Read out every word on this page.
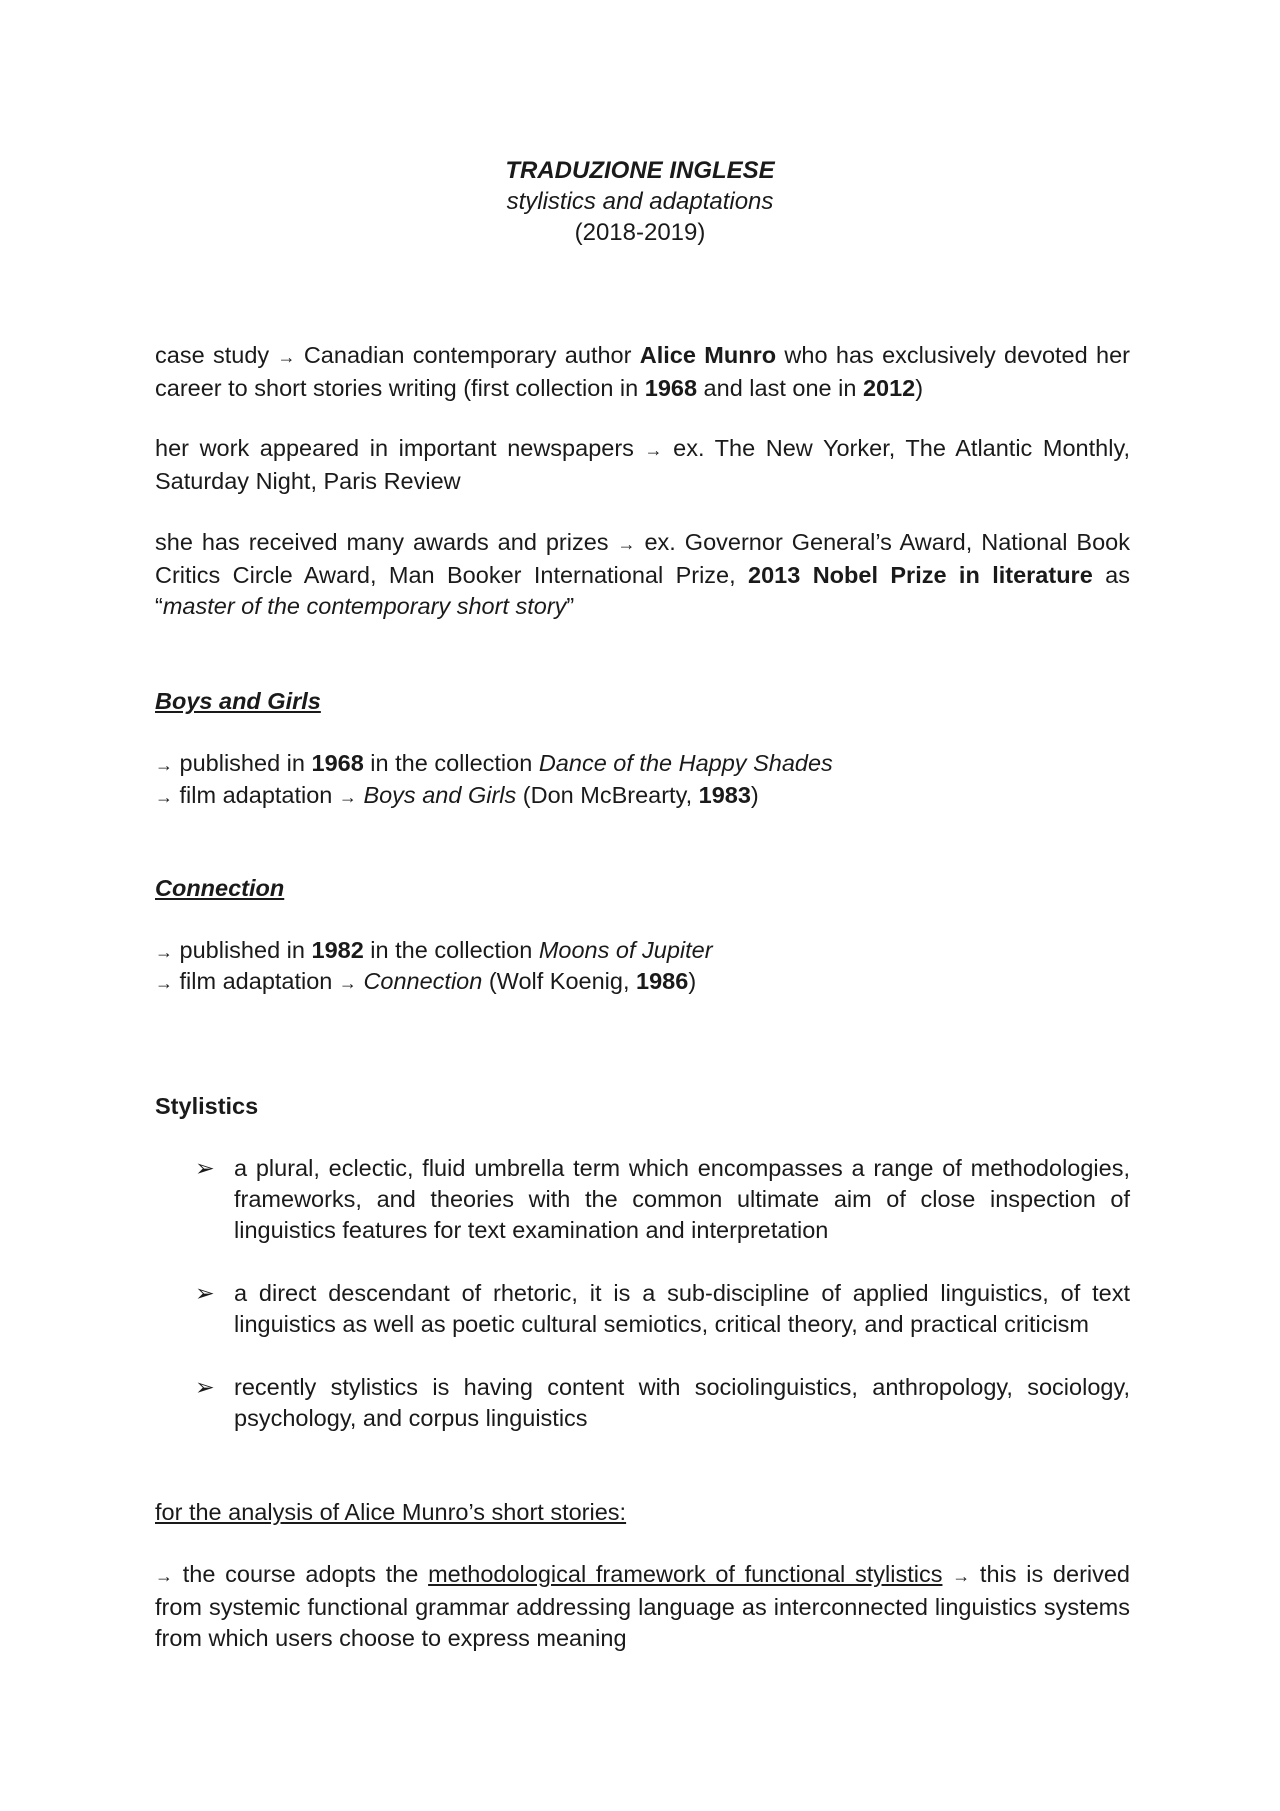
TRADUZIONE INGLESE
stylistics and adaptations
(2018-2019)

case study → Canadian contemporary author Alice Munro who has exclusively devoted her career to short stories writing (first collection in 1968 and last one in 2012)

her work appeared in important newspapers → ex. The New Yorker, The Atlantic Monthly, Saturday Night, Paris Review

she has received many awards and prizes → ex. Governor General’s Award, National Book Critics Circle Award, Man Booker International Prize, 2013 Nobel Prize in literature as “master of the contemporary short story”

Boys and Girls
→ published in 1968 in the collection Dance of the Happy Shades
→ film adaptation → Boys and Girls (Don McBrearty, 1983)
Connection
→ published in 1982 in the collection Moons of Jupiter
→ film adaptation → Connection (Wolf Koenig, 1986)
Stylistics
➢ a plural, eclectic, fluid umbrella term which encompasses a range of methodologies, frameworks, and theories with the common ultimate aim of close inspection of linguistics features for text examination and interpretation
➢ a direct descendant of rhetoric, it is a sub-discipline of applied linguistics, of text linguistics as well as poetic cultural semiotics, critical theory, and practical criticism
➢ recently stylistics is having content with sociolinguistics, anthropology, sociology, psychology, and corpus linguistics
for the analysis of Alice Munro’s short stories:

→ the course adopts the methodological framework of functional stylistics → this is derived from systemic functional grammar addressing language as interconnected linguistics systems from which users choose to express meaning
